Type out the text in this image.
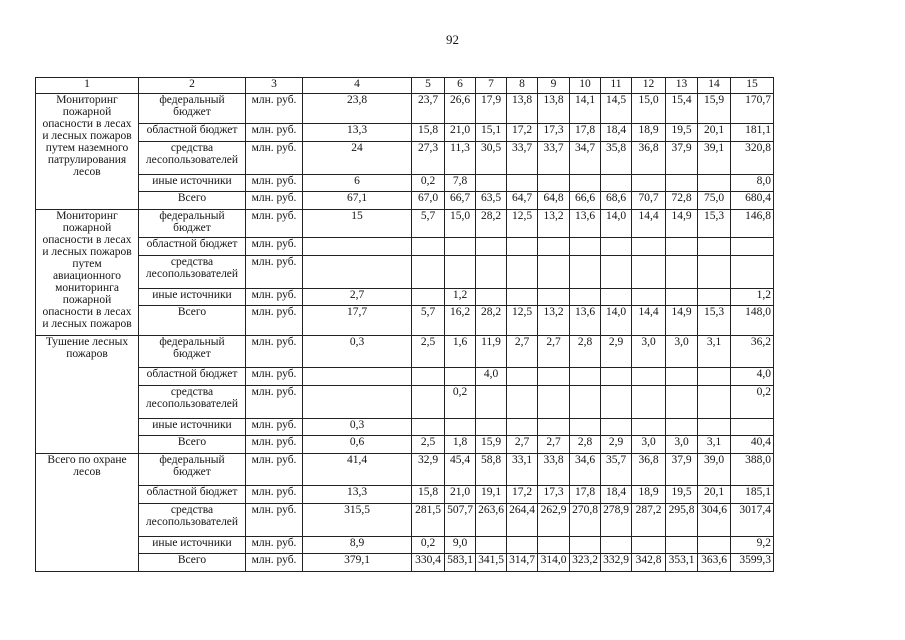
92
1	2	3	4	5	6	7	8	9	10	11	12	13	14	15
Мониторинг пожарной опасности в лесах и лесных пожаров путем наземного патрулирования лесов	федеральный бюджет	млн. руб.	23,8	23,7	26,6	17,9	13,8	13,8	14,1	14,5	15,0	15,4	15,9	170,7
	областной бюджет	млн. руб.	13,3	15,8	21,0	15,1	17,2	17,3	17,8	18,4	18,9	19,5	20,1	181,1
	средства лесопользователей	млн. руб.	24	27,3	11,3	30,5	33,7	33,7	34,7	35,8	36,8	37,9	39,1	320,8
	иные источники	млн. руб.	6	0,2	7,8									8,0
	Всего	млн. руб.	67,1	67,0	66,7	63,5	64,7	64,8	66,6	68,6	70,7	72,8	75,0	680,4
Мониторинг пожарной опасности в лесах и лесных пожаров путем авиационного мониторинга пожарной опасности в лесах и лесных пожаров	федеральный бюджет	млн. руб.	15	5,7	15,0	28,2	12,5	13,2	13,6	14,0	14,4	14,9	15,3	146,8
	областной бюджет	млн. руб.												
	средства лесопользователей	млн. руб.												
	иные источники	млн. руб.	2,7		1,2									1,2
	Всего	млн. руб.	17,7	5,7	16,2	28,2	12,5	13,2	13,6	14,0	14,4	14,9	15,3	148,0
Тушение лесных пожаров	федеральный бюджет	млн. руб.	0,3	2,5	1,6	11,9	2,7	2,7	2,8	2,9	3,0	3,0	3,1	36,2
	областной бюджет	млн. руб.				4,0								4,0
	средства лесопользователей	млн. руб.			0,2									0,2
	иные источники	млн. руб.	0,3											
	Всего	млн. руб.	0,6	2,5	1,8	15,9	2,7	2,7	2,8	2,9	3,0	3,0	3,1	40,4
Всего по охране лесов	федеральный бюджет	млн. руб.	41,4	32,9	45,4	58,8	33,1	33,8	34,6	35,7	36,8	37,9	39,0	388,0
	областной бюджет	млн. руб.	13,3	15,8	21,0	19,1	17,2	17,3	17,8	18,4	18,9	19,5	20,1	185,1
	средства лесопользователей	млн. руб.	315,5	281,5	507,7	263,6	264,4	262,9	270,8	278,9	287,2	295,8	304,6	3017,4
	иные источники	млн. руб.	8,9	0,2	9,0									9,2
	Всего	млн. руб.	379,1	330,4	583,1	341,5	314,7	314,0	323,2	332,9	342,8	353,1	363,6	3599,3
